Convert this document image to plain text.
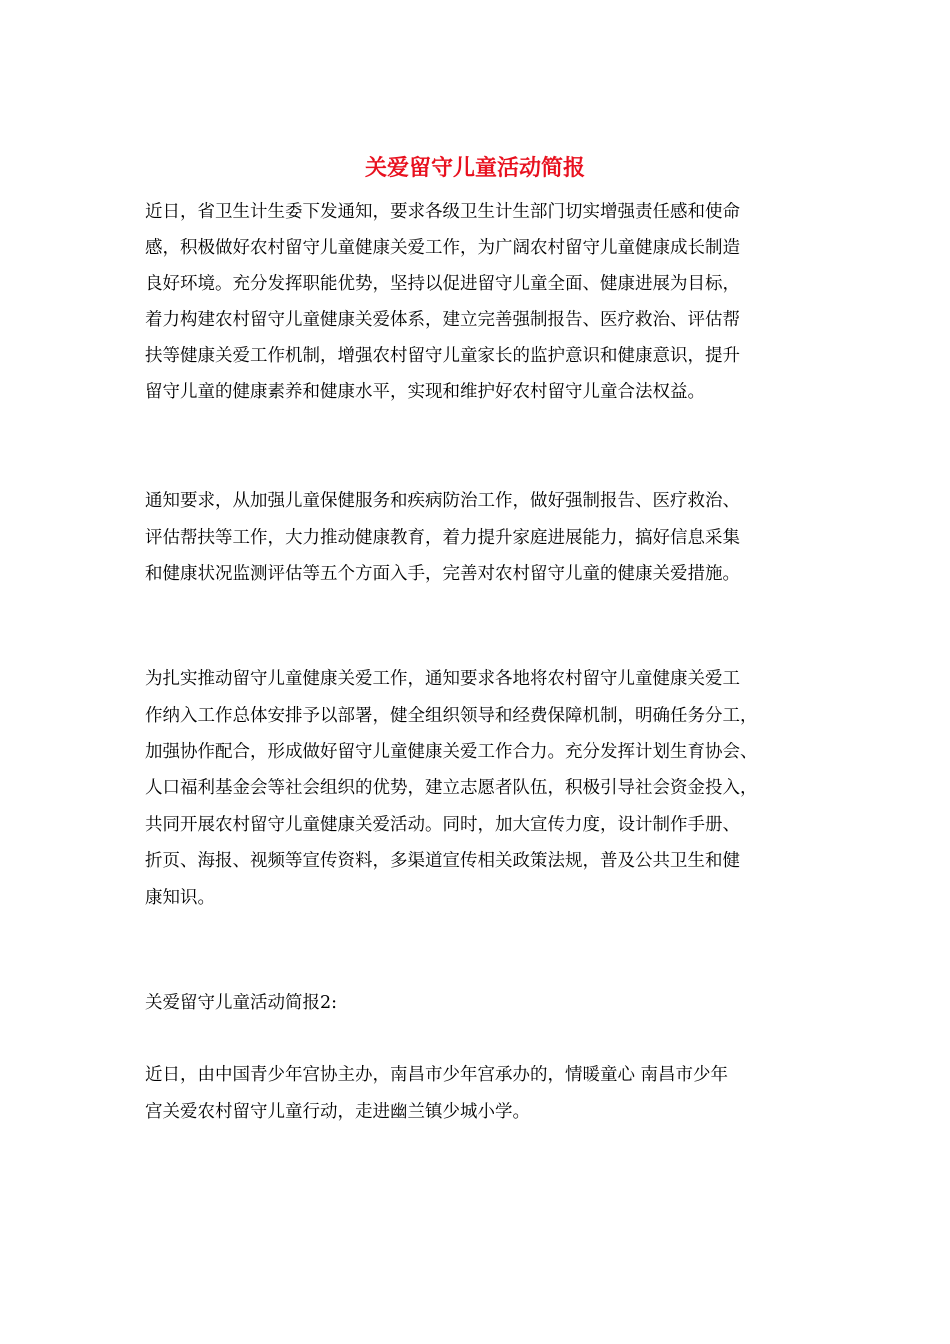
关爱留守儿童活动简报
近日，省卫生计生委下发通知，要求各级卫生计生部门切实增强责任感和使命
感，积极做好农村留守儿童健康关爱工作，为广阔农村留守儿童健康成长制造
良好环境。充分发挥职能优势，坚持以促进留守儿童全面、健康进展为目标，
着力构建农村留守儿童健康关爱体系，建立完善强制报告、医疗救治、评估帮
扶等健康关爱工作机制，增强农村留守儿童家长的监护意识和健康意识，提升
留守儿童的健康素养和健康水平，实现和维护好农村留守儿童合法权益。
通知要求，从加强儿童保健服务和疾病防治工作，做好强制报告、医疗救治、
评估帮扶等工作，大力推动健康教育，着力提升家庭进展能力，搞好信息采集
和健康状况监测评估等五个方面入手，完善对农村留守儿童的健康关爱措施。
为扎实推动留守儿童健康关爱工作，通知要求各地将农村留守儿童健康关爱工
作纳入工作总体安排予以部署，健全组织领导和经费保障机制，明确任务分工，
加强协作配合，形成做好留守儿童健康关爱工作合力。充分发挥计划生育协会、
人口福利基金会等社会组织的优势，建立志愿者队伍，积极引导社会资金投入，
共同开展农村留守儿童健康关爱活动。同时，加大宣传力度，设计制作手册、
折页、海报、视频等宣传资料，多渠道宣传相关政策法规，普及公共卫生和健
康知识。
关爱留守儿童活动简报2:
近日，由中国青少年宫协主办，南昌市少年宫承办的，情暖童心 南昌市少年
宫关爱农村留守儿童行动，走进幽兰镇少城小学。
